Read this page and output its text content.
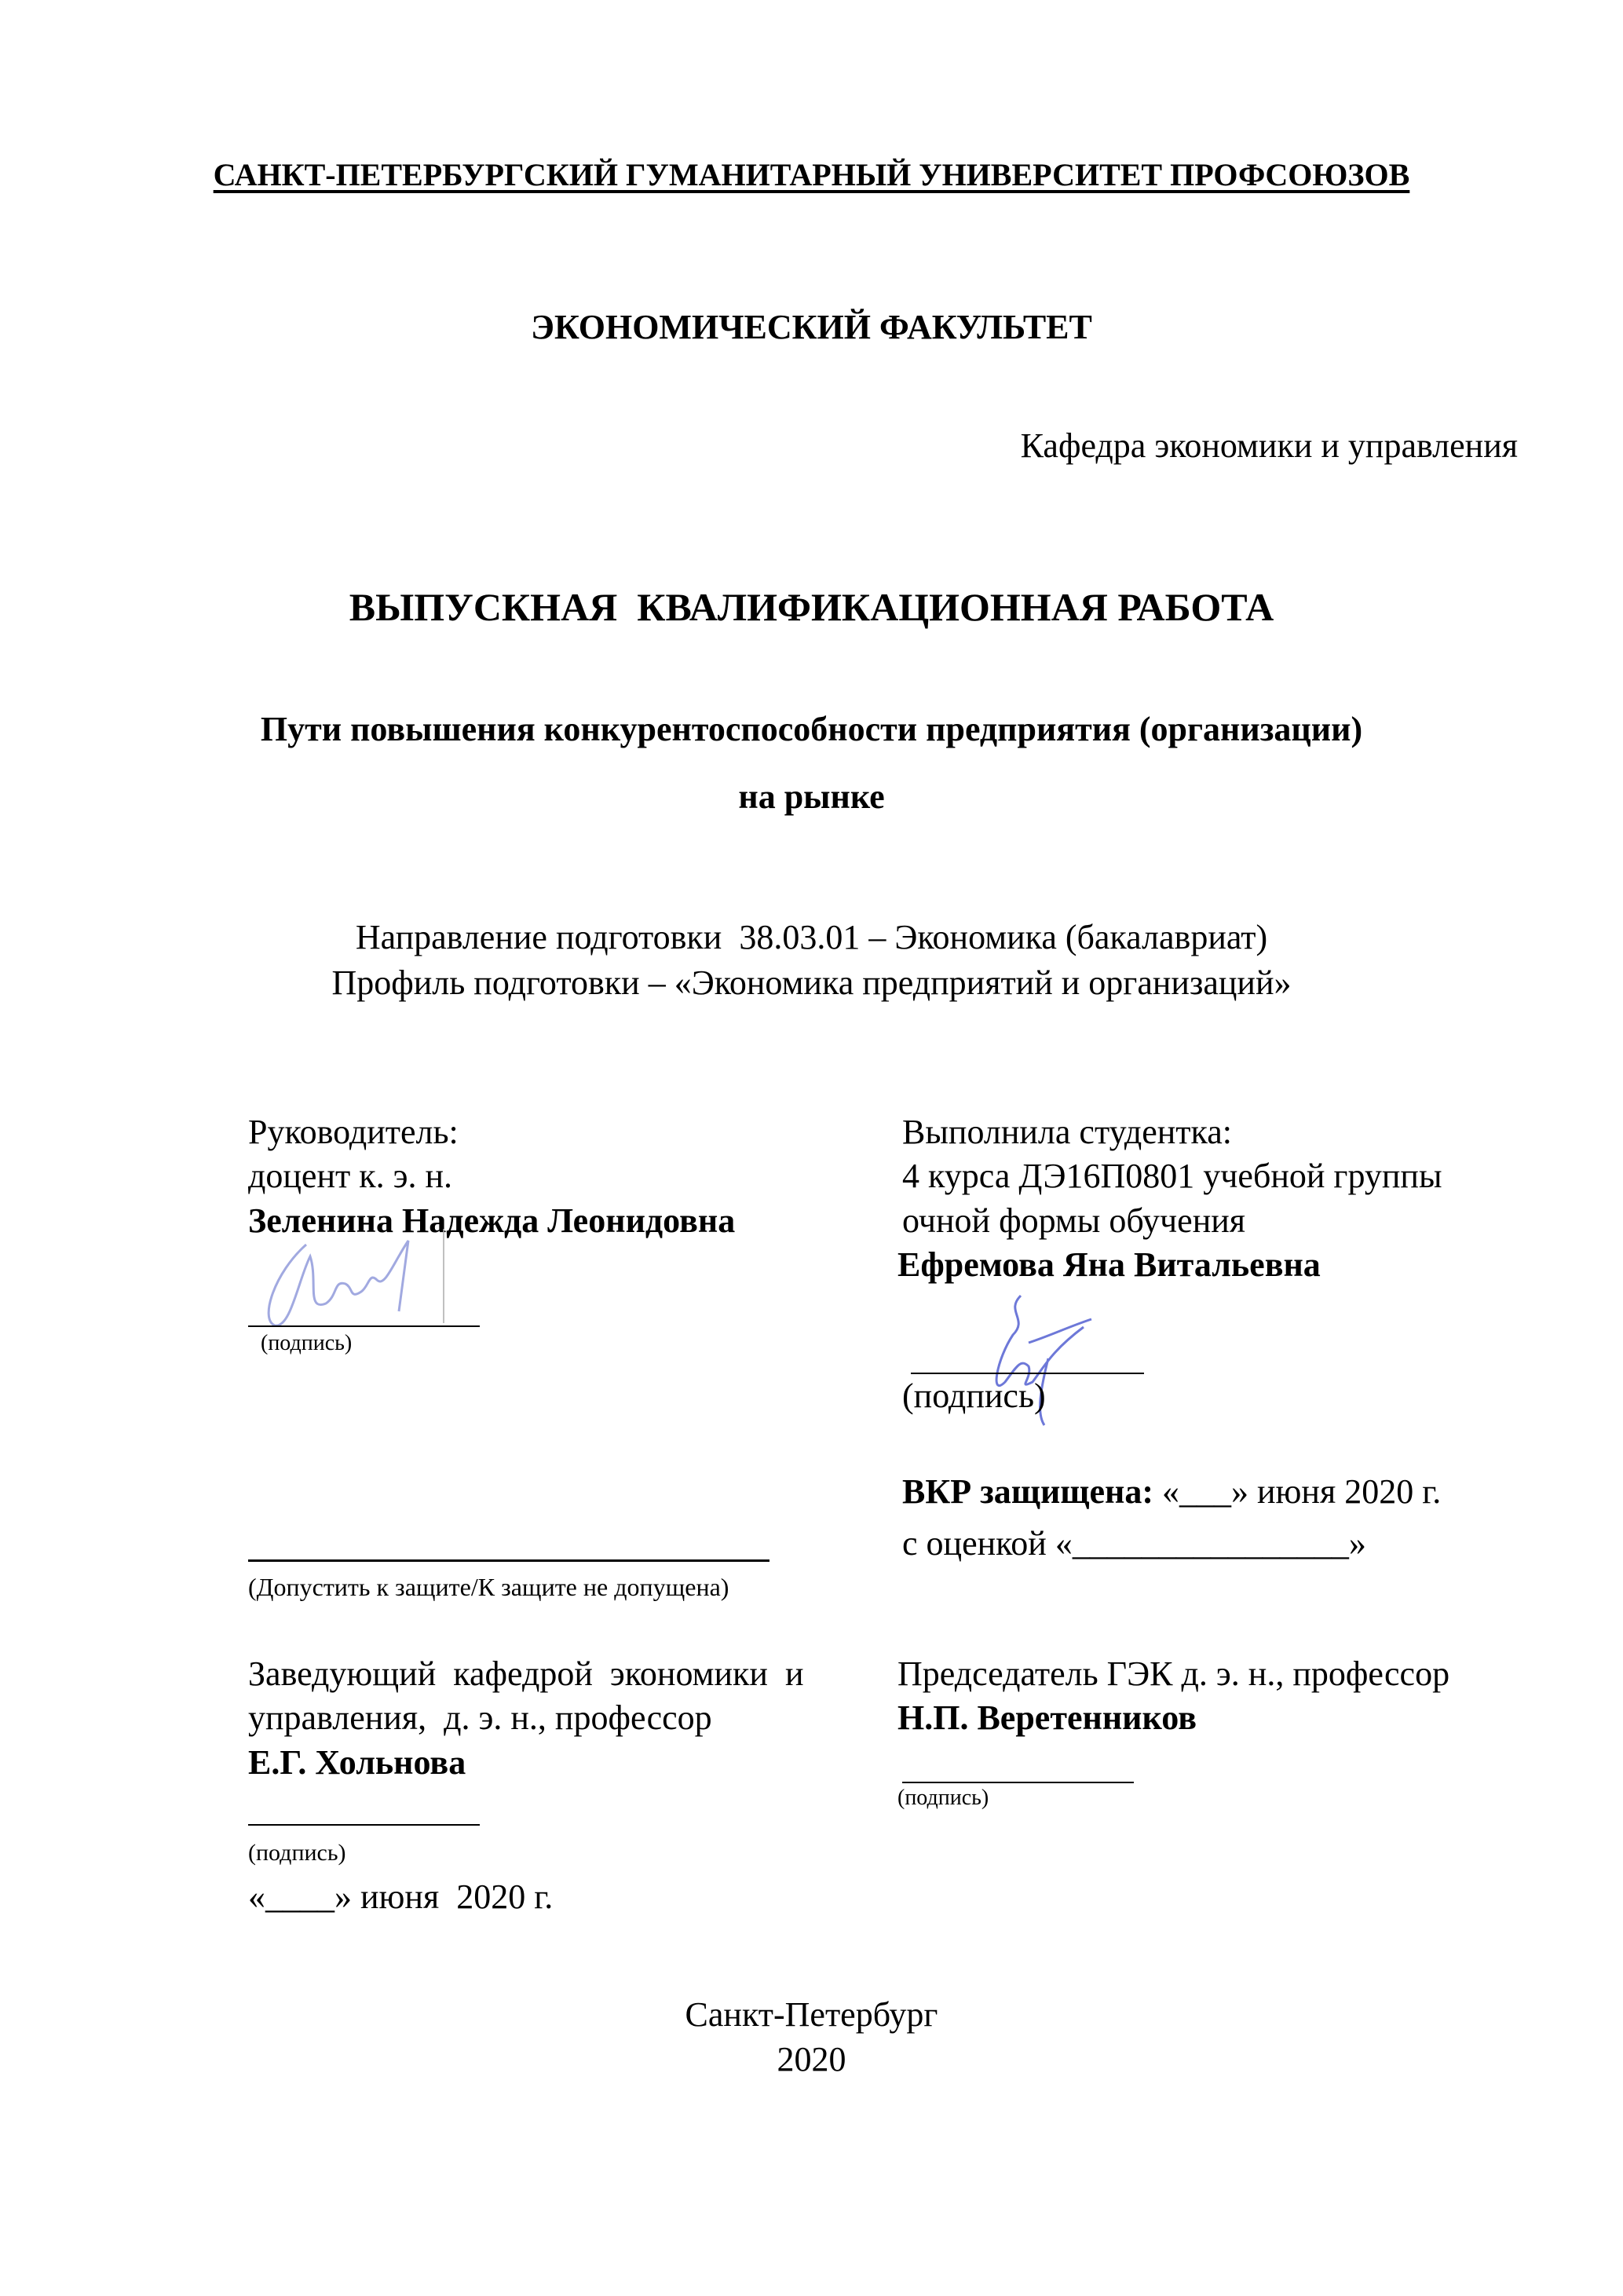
САНКТ-ПЕТЕРБУРГСКИЙ ГУМАНИТАРНЫЙ УНИВЕРСИТЕТ ПРОФСОЮЗОВ
ЭКОНОМИЧЕСКИЙ ФАКУЛЬТЕТ
Кафедра экономики и управления
ВЫПУСКНАЯ  КВАЛИФИКАЦИОННАЯ РАБОТА
Пути повышения конкурентоспособности предприятия (организации)
на рынке
Направление подготовки  38.03.01 – Экономика (бакалавриат)
Профиль подготовки – «Экономика предприятий и организаций»
Руководитель:
доцент к. э. н.
Зеленина Надежда Леонидовна
(подпись)
Выполнила студентка:
4 курса ДЭ16П0801 учебной группы
очной формы обучения
Ефремова Яна Витальевна
(подпись)
ВКР защищена: «___» июня 2020 г.
с оценкой «________________»
(Допустить к защите/К защите не допущена)
Заведующий  кафедрой  экономики  и
управления,  д. э. н., профессор
Е.Г. Хольнова
(подпись)
«____» июня  2020 г.
Председатель ГЭК д. э. н., профессор
Н.П. Веретенников
(подпись)
Санкт-Петербург
2020
